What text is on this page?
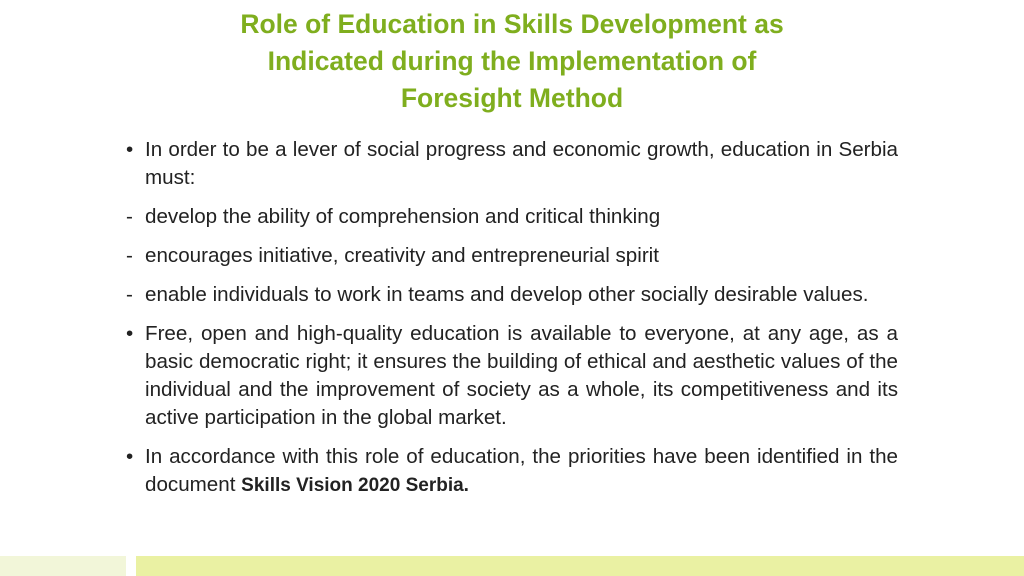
Role of Education in Skills Development as
Indicated during the Implementation of
Foresight Method
• In order to be a lever of social progress and economic growth, education in Serbia must:
- develop the ability of comprehension and critical thinking
- encourages initiative, creativity and entrepreneurial spirit
- enable individuals to work in teams and develop other socially desirable values.
• Free, open and high-quality education is available to everyone, at any age, as a basic democratic right; it ensures the building of ethical and aesthetic values of the individual and the improvement of society as a whole, its competitiveness and its active participation in the global market.
• In accordance with this role of education, the priorities have been identified in the document Skills Vision 2020 Serbia.
